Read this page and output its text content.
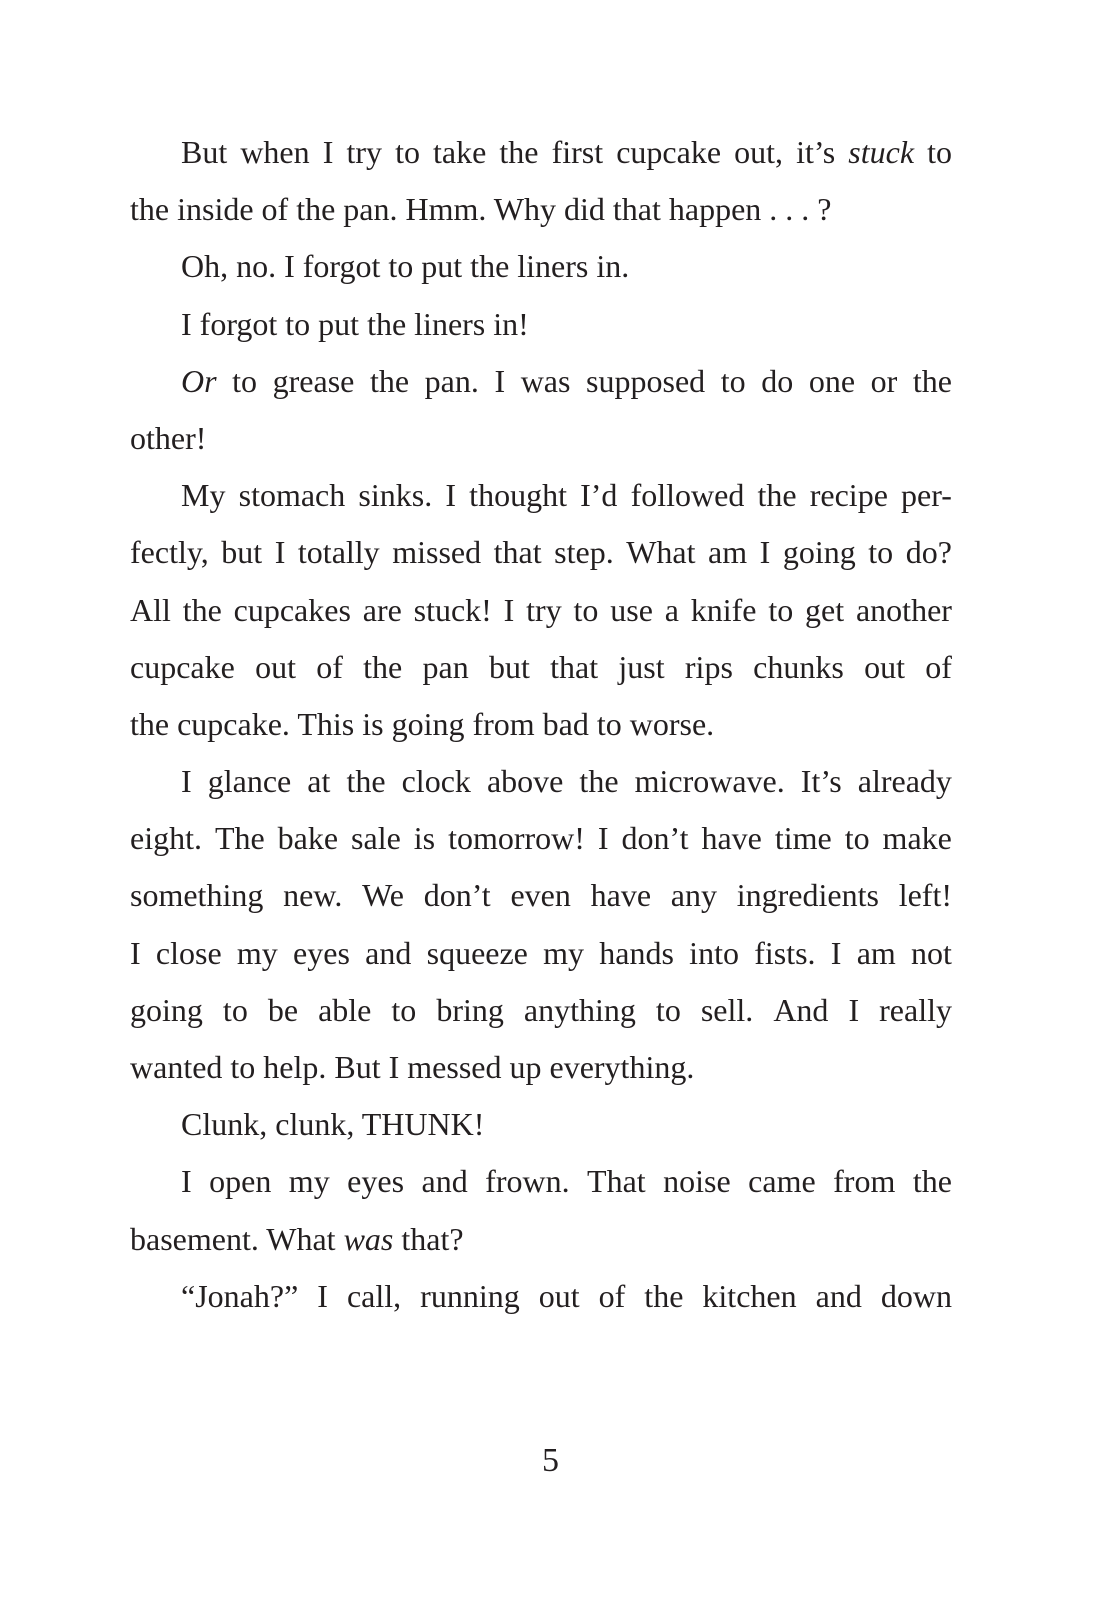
But when I try to take the first cupcake out, it’s stuck to
the inside of the pan. Hmm. Why did that happen . . . ?
Oh, no. I forgot to put the liners in.
I forgot to put the liners in!
Or to grease the pan. I was supposed to do one or the
other!
My stomach sinks. I thought I’d followed the recipe per-
fectly, but I totally missed that step. What am I going to do?
All the cupcakes are stuck! I try to use a knife to get another
cupcake out of the pan but that just rips chunks out of
the cupcake. This is going from bad to worse.
I glance at the clock above the microwave. It’s already
eight. The bake sale is tomorrow! I don’t have time to make
something new. We don’t even have any ingredients left!
I close my eyes and squeeze my hands into fists. I am not
going to be able to bring anything to sell. And I really
wanted to help. But I messed up everything.
Clunk, clunk, THUNK!
I open my eyes and frown. That noise came from the
basement. What was that?
“Jonah?” I call, running out of the kitchen and down
5
